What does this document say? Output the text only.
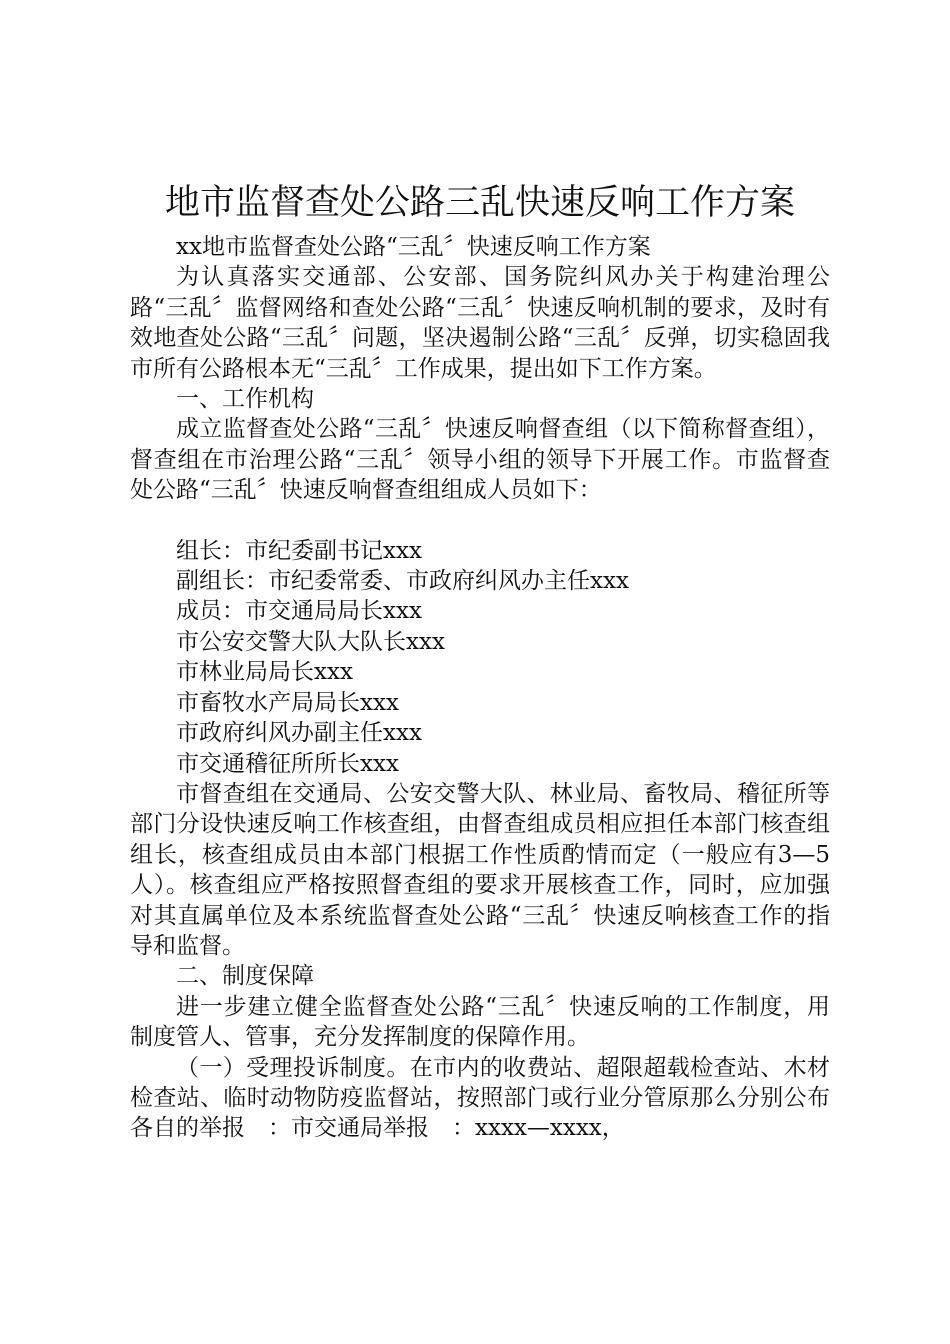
地市监督查处公路三乱快速反响工作方案

xx地市监督查处公路“三乱〞快速反响工作方案

为认真落实交通部、公安部、国务院纠风办关于构建治理公路“三乱〞监督网络和查处公路“三乱〞快速反响机制的要求，及时有效地查处公路“三乱〞问题，坚决遏制公路“三乱〞反弹，切实稳固我市所有公路根本无“三乱〞工作成果，提出如下工作方案。

一、工作机构

成立监督查处公路“三乱〞快速反响督查组（以下简称督查组），督查组在市治理公路“三乱〞领导小组的领导下开展工作。市监督查处公路“三乱〞快速反响督查组组成人员如下：

组长：市纪委副书记xxx

副组长：市纪委常委、市政府纠风办主任xxx

成员：市交通局局长xxx

市公安交警大队大队长xxx

市林业局局长xxx

市畜牧水产局局长xxx

市政府纠风办副主任xxx

市交通稽征所所长xxx

市督查组在交通局、公安交警大队、林业局、畜牧局、稽征所等部门分设快速反响工作核查组，由督查组成员相应担任本部门核查组组长，核查组成员由本部门根据工作性质酌情而定（一般应有3—5人）。核查组应严格按照督查组的要求开展核查工作，同时，应加强对其直属单位及本系统监督查处公路“三乱〞快速反响核查工作的指导和监督。

二、制度保障

进一步建立健全监督查处公路“三乱〞快速反响的工作制度，用制度管人、管事，充分发挥制度的保障作用。

（一）受理投诉制度。在市内的收费站、超限超载检查站、木材检查站、临时动物防疫监督站，按照部门或行业分管原那么分别公布各自的举报　：市交通局举报　：xxxx—xxxx，
